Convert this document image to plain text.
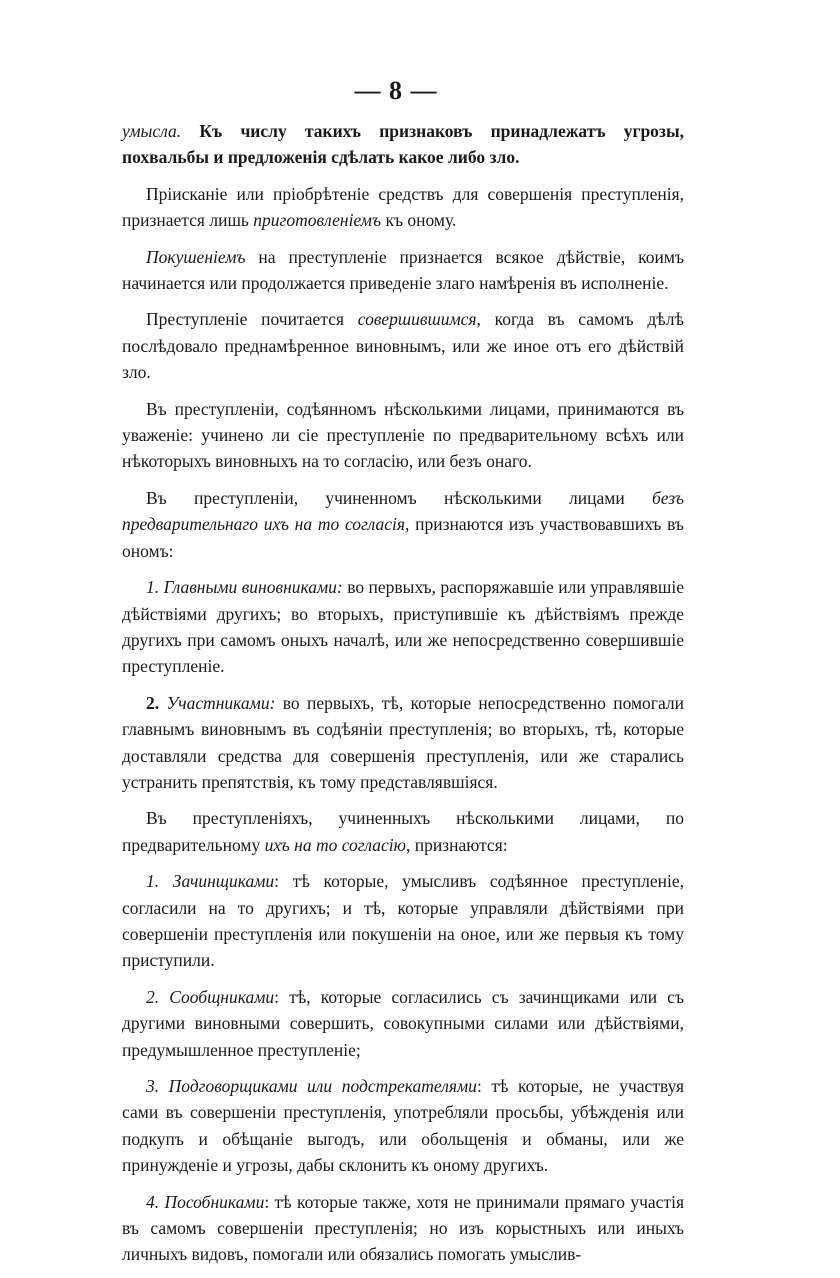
— 8 —

умысла. Къ числу такихъ признаковъ принадлежатъ угрозы, похвальбы и предложенія сдѣлать какое либо зло.

Прiисканіе или пріобрѣтеніе средствъ для совершенія преступленія, признается лишь приготовленіемъ къ оному.

Покушеніемъ на преступленіе признается всякое дѣйствіе, коимъ начинается или продолжается приведеніе злаго намѣренія въ исполненіе.

Преступленіе почитается совершившимся, когда въ самомъ дѣлѣ послѣдовало преднамѣренное виновнымъ, или же иное отъ его дѣйствій зло.

Въ преступленіи, содѣянномъ нѣсколькими лицами, принимаются въ уваженіе: учинено ли сіе преступленіе по предварительному всѣхъ или нѣкоторыхъ виновныхъ на то согласію, или безъ онаго.

Въ преступленіи, учиненномъ нѣсколькими лицами безъ предварительнаго ихъ на то согласія, признаются изъ участвовавшихъ въ ономъ:

1. Главными виновниками: во первыхъ, распоряжавшіе или управлявшіе дѣйствіями другихъ; во вторыхъ, приступившіе къ дѣйствіямъ прежде другихъ при самомъ оныхъ началѣ, или же непосредственно совершившіе преступленіе.

2. Участниками: во первыхъ, тѣ, которые непосредственно помогали главнымъ виновнымъ въ содѣяніи преступленія; во вторыхъ, тѣ, которые доставляли средства для совершенія преступленія, или же старались устранить препятствія, къ тому представлявшіяся.

Въ преступленіяхъ, учиненныхъ нѣсколькими лицами, по предварительному ихъ на то согласію, признаются:

1. Зачинщиками: тѣ которые, умысливъ содѣянное преступленіе, согласили на то другихъ; и тѣ, которые управляли дѣйствіями при совершеніи преступленія или покушеніи на оное, или же первыя къ тому приступили.

2. Сообщниками: тѣ, которые согласились съ зачинщиками или съ другими виновными совершить, совокупными силами или дѣйствіями, предумышленное преступленіе;

3. Подговорщиками или подстрекателями: тѣ которые, не участвуя сами въ совершеніи преступленія, употребляли просьбы, убѣжденія или подкупъ и обѣщаніе выгодъ, или обольщенія и обманы, или же принужденіе и угрозы, дабы склонить къ оному другихъ.

4. Пособниками: тѣ которые также, хотя не принимали прямаго участія въ самомъ совершеніи преступленія; но изъ корыстныхъ или иныхъ личныхъ видовъ, помогали или обязались помогать умыслив-
